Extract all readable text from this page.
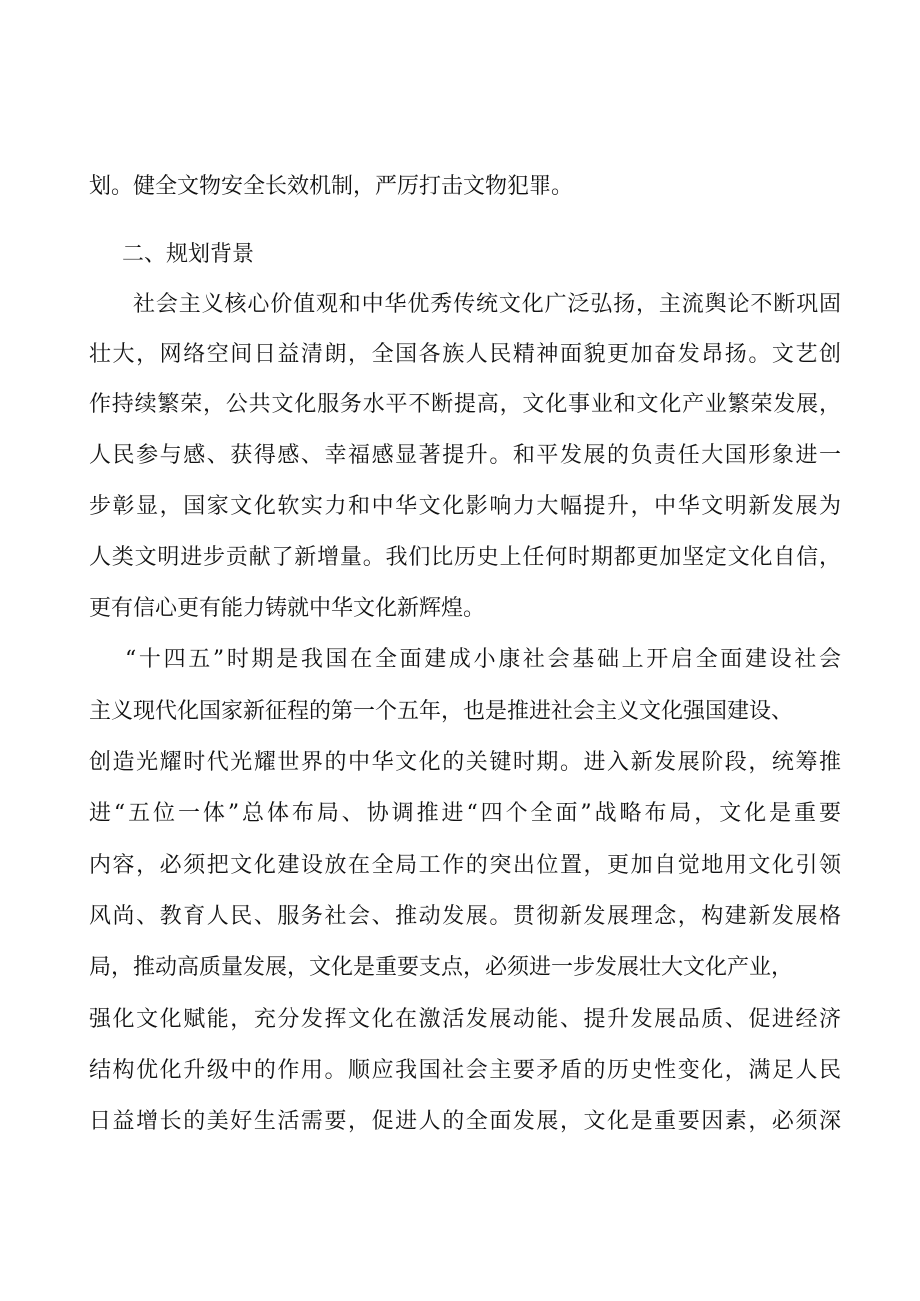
划。健全文物安全长效机制，严厉打击文物犯罪。

二、规划背景

社会主义核心价值观和中华优秀传统文化广泛弘扬，主流舆论不断巩固

壮大，网络空间日益清朗，全国各族人民精神面貌更加奋发昂扬。文艺创

作持续繁荣，公共文化服务水平不断提高，文化事业和文化产业繁荣发展，

人民参与感、获得感、幸福感显著提升。和平发展的负责任大国形象进一

步彰显，国家文化软实力和中华文化影响力大幅提升，中华文明新发展为

人类文明进步贡献了新增量。我们比历史上任何时期都更加坚定文化自信，

更有信心更有能力铸就中华文化新辉煌。

“十四五”时期是我国在全面建成小康社会基础上开启全面建设社会

主义现代化国家新征程的第一个五年，也是推进社会主义文化强国建设、

创造光耀时代光耀世界的中华文化的关键时期。进入新发展阶段，统筹推

进“五位一体”总体布局、协调推进“四个全面”战略布局，文化是重要

内容，必须把文化建设放在全局工作的突出位置，更加自觉地用文化引领

风尚、教育人民、服务社会、推动发展。贯彻新发展理念，构建新发展格

局，推动高质量发展，文化是重要支点，必须进一步发展壮大文化产业，

强化文化赋能，充分发挥文化在激活发展动能、提升发展品质、促进经济

结构优化升级中的作用。顺应我国社会主要矛盾的历史性变化，满足人民

日益增长的美好生活需要，促进人的全面发展，文化是重要因素，必须深
